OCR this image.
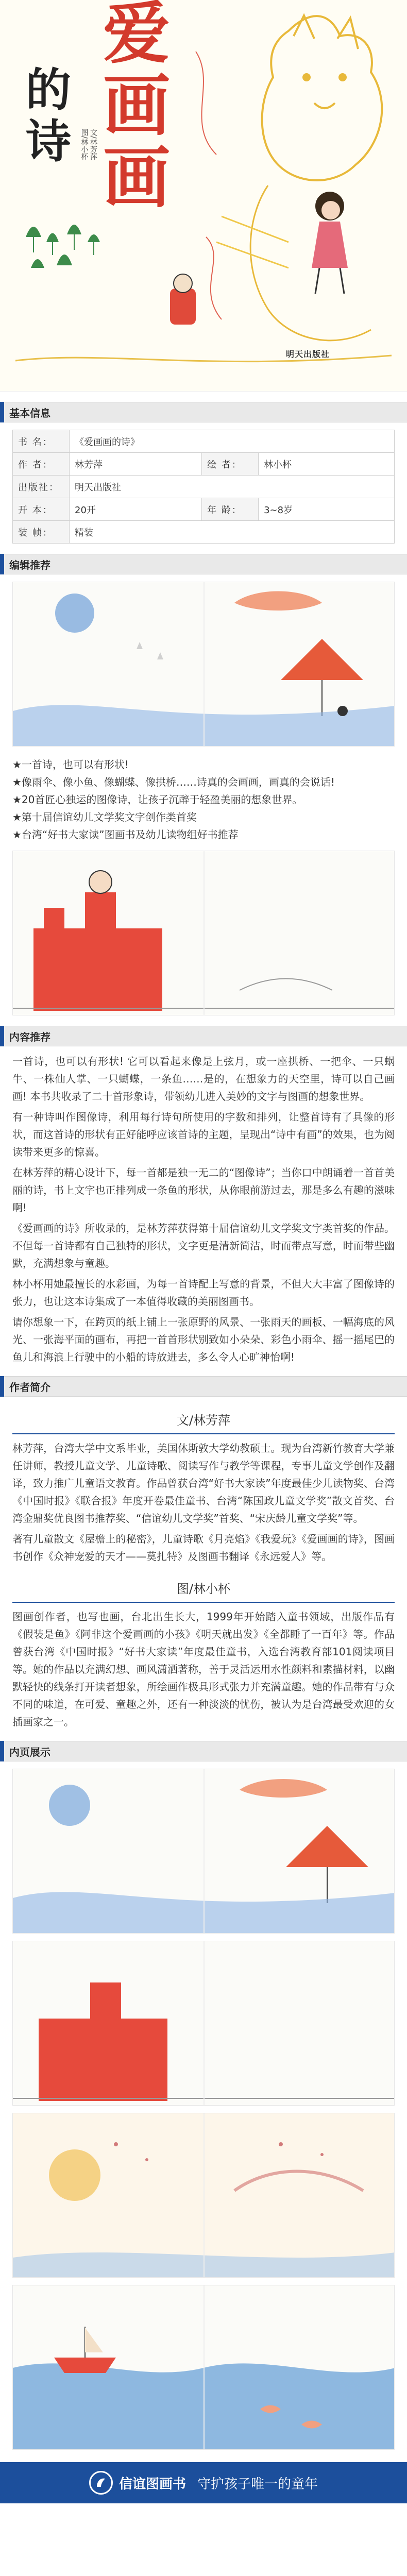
爱
画
画
的
诗 文/林芳萍
图/林小杯
明天出版社
基本信息
书 名：	《爱画画的诗》		
作 者：	林芳萍	绘 者：	林小杯
出版社：	明天出版社		
开 本：	20开	年 龄：	3~8岁
装 帧：	精装		
编辑推荐

★一首诗，也可以有形状!

★像雨伞、像小鱼、像蝴蝶、像拱桥……诗真的会画画，画真的会说话!

★20首匠心独运的图像诗，让孩子沉醉于轻盈美丽的想象世界。

★第十届信谊幼儿文学奖文字创作类首奖

★台湾“好书大家读”图画书及幼儿读物组好书推荐

内容推荐

一首诗，也可以有形状! 它可以看起来像是上弦月，或一座拱桥、一把伞、一只蜗牛、一株仙人掌、一只蝴蝶，一条鱼……是的，在想象力的天空里，诗可以自己画画! 本书共收录了二十首形象诗，带领幼儿进入美妙的文字与图画的想象世界。

有一种诗叫作图像诗，利用每行诗句所使用的字数和排列，让整首诗有了具像的形状，而这首诗的形状有正好能呼应该首诗的主题，呈现出“诗中有画”的效果，也为阅读带来更多的惊喜。

在林芳萍的精心设计下，每一首都是独一无二的“图像诗”；当你口中朗诵着一首首美丽的诗，书上文字也正排列成一条鱼的形状，从你眼前游过去，那是多么有趣的滋味啊!

《爱画画的诗》所收录的，是林芳萍获得第十届信谊幼儿文学奖文字类首奖的作品。不但每一首诗都有自己独特的形状，文字更是清新简洁，时而带点写意，时而带些幽默，充满想象与童趣。

林小杯用她最擅长的水彩画，为每一首诗配上写意的背景，不但大大丰富了图像诗的张力，也让这本诗集成了一本值得收藏的美丽图画书。

请你想象一下，在跨页的纸上铺上一张原野的风景、一张雨天的画板、一幅海底的风光、一张海平面的画布，再把一首首形状别致如小朵朵、彩色小雨伞、摇一摇尾巴的鱼儿和海浪上行驶中的小船的诗放进去，多么令人心旷神怡啊!

作者简介
文/林芳萍

林芳萍，台湾大学中文系毕业，美国休斯敦大学幼教硕士。现为台湾新竹教育大学兼任讲师，教授儿童文学、儿童诗歌、阅读写作与教学等课程，专事儿童文学创作及翻译，致力推广儿童语文教育。作品曾获台湾“好书大家读”年度最佳少儿读物奖、台湾《中国时报》《联合报》年度开卷最佳童书、台湾“陈国政儿童文学奖”散文首奖、台湾金鼎奖优良图书推荐奖、“信谊幼儿文学奖”首奖、“宋庆龄儿童文学奖”等。

著有儿童散文《屋檐上的秘密》，儿童诗歌《月亮焰》《我爱玩》《爱画画的诗》，图画书创作《众神宠爱的天才——莫扎特》及图画书翻译《永远爱人》等。

图/林小杯

图画创作者，也写也画，台北出生长大，1999年开始踏入童书领域，出版作品有《假装是鱼》《阿非这个爱画画的小孩》《明天就出发》《全都睡了一百年》等。作品曾获台湾《中国时报》“好书大家读”年度最佳童书，入选台湾教育部101阅读项目等。她的作品以充满幻想、画风潇洒著称，善于灵活运用水性颜料和素描材料，以幽默轻快的线条打开读者想象，所绘画作极具形式张力并充满童趣。她的作品带有与众不同的味道，在可爱、童趣之外，还有一种淡淡的忧伤，被认为是台湾最受欢迎的女插画家之一。

内页展示
信谊图画书 守护孩子唯一的童年
